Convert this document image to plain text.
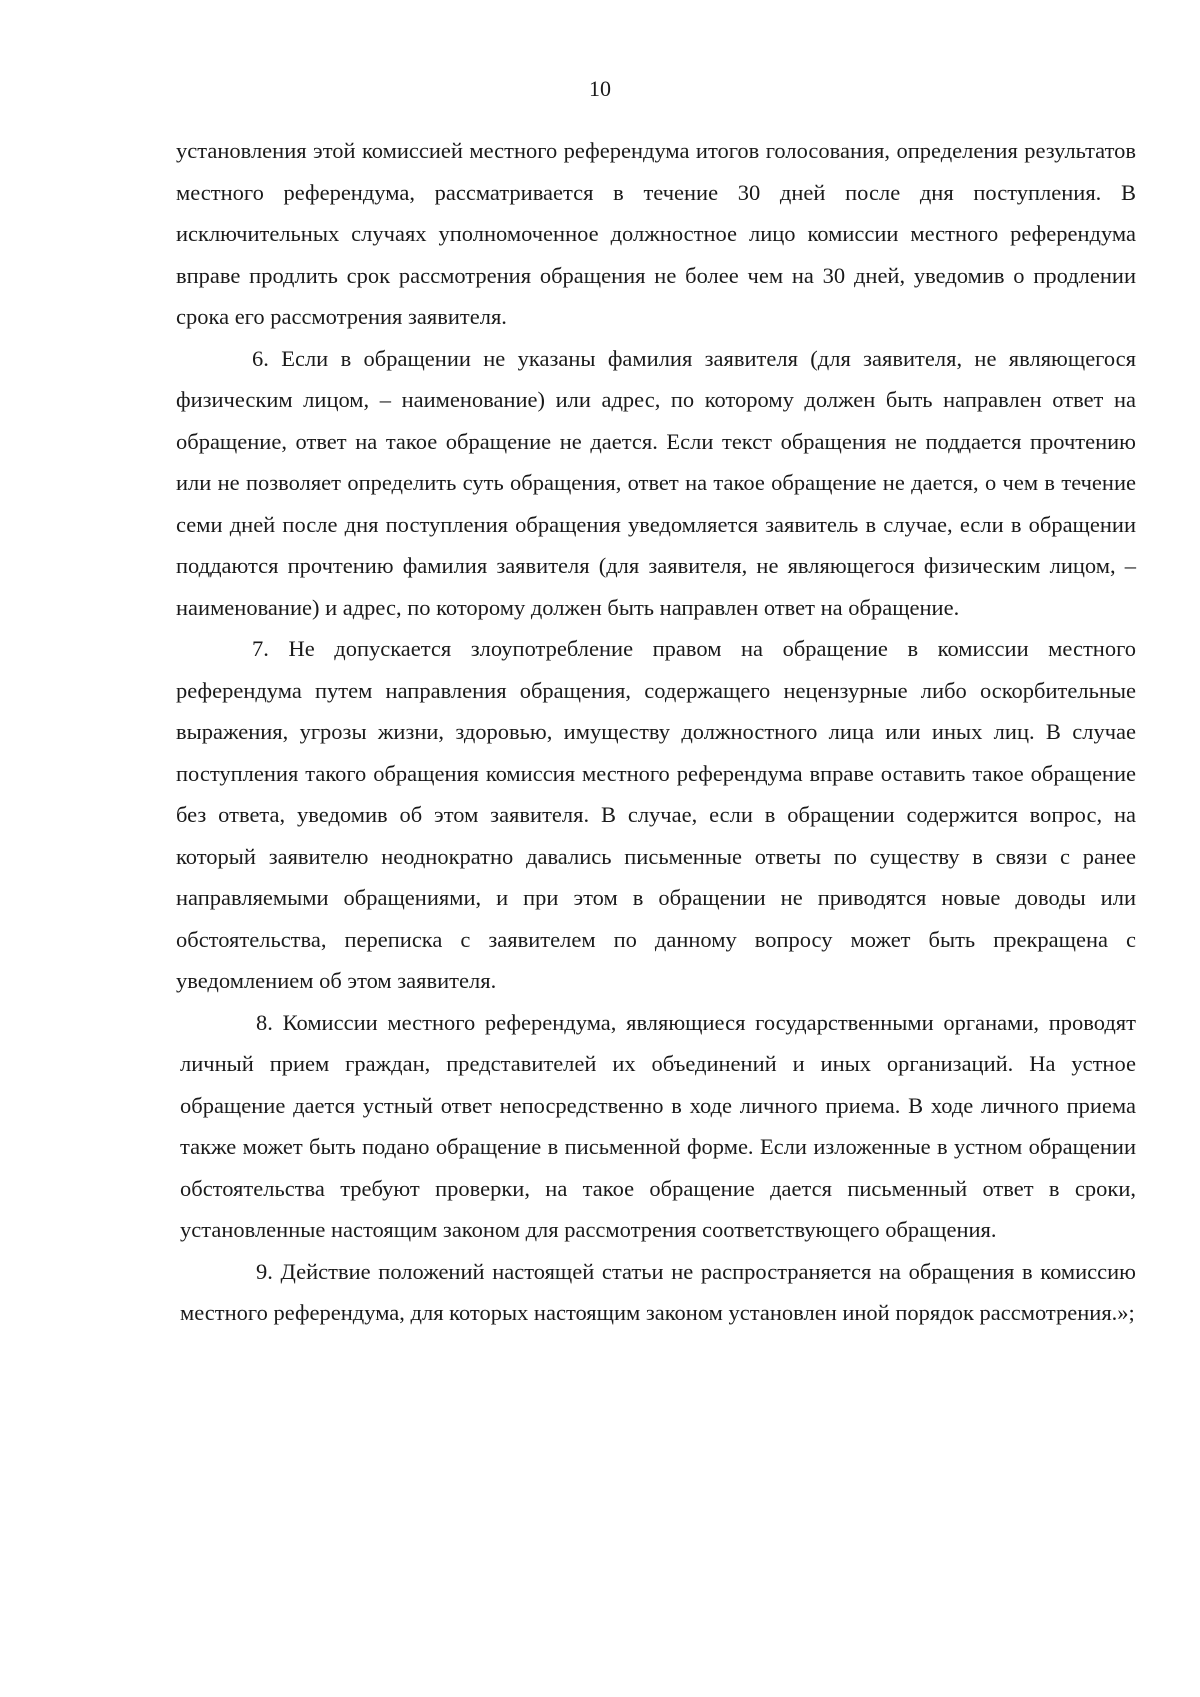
10

установления этой комиссией местного референдума итогов голосования, определения результатов местного референдума, рассматривается в течение 30 дней после дня поступления. В исключительных случаях уполномоченное должностное лицо комиссии местного референдума вправе продлить срок рассмотрения обращения не более чем на 30 дней, уведомив о продлении срока его рассмотрения заявителя.

6. Если в обращении не указаны фамилия заявителя (для заявителя, не являющегося физическим лицом, – наименование) или адрес, по которому должен быть направлен ответ на обращение, ответ на такое обращение не дается. Если текст обращения не поддается прочтению или не позволяет определить суть обращения, ответ на такое обращение не дается, о чем в течение семи дней после дня поступления обращения уведомляется заявитель в случае, если в обращении поддаются прочтению фамилия заявителя (для заявителя, не являющегося физическим лицом, – наименование) и адрес, по которому должен быть направлен ответ на обращение.

7. Не допускается злоупотребление правом на обращение в комиссии местного референдума путем направления обращения, содержащего нецензурные либо оскорбительные выражения, угрозы жизни, здоровью, имуществу должностного лица или иных лиц. В случае поступления такого обращения комиссия местного референдума вправе оставить такое обращение без ответа, уведомив об этом заявителя. В случае, если в обращении содержится вопрос, на который заявителю неоднократно давались письменные ответы по существу в связи с ранее направляемыми обращениями, и при этом в обращении не приводятся новые доводы или обстоятельства, переписка с заявителем по данному вопросу может быть прекращена с уведомлением об этом заявителя.

8. Комиссии местного референдума, являющиеся государственными органами, проводят личный прием граждан, представителей их объединений и иных организаций. На устное обращение дается устный ответ непосредственно в ходе личного приема. В ходе личного приема также может быть подано обращение в письменной форме. Если изложенные в устном обращении обстоятельства требуют проверки, на такое обращение дается письменный ответ в сроки, установленные настоящим законом для рассмотрения соответствующего обращения.

9. Действие положений настоящей статьи не распространяется на обращения в комиссию местного референдума, для которых настоящим законом установлен иной порядок рассмотрения.»;
